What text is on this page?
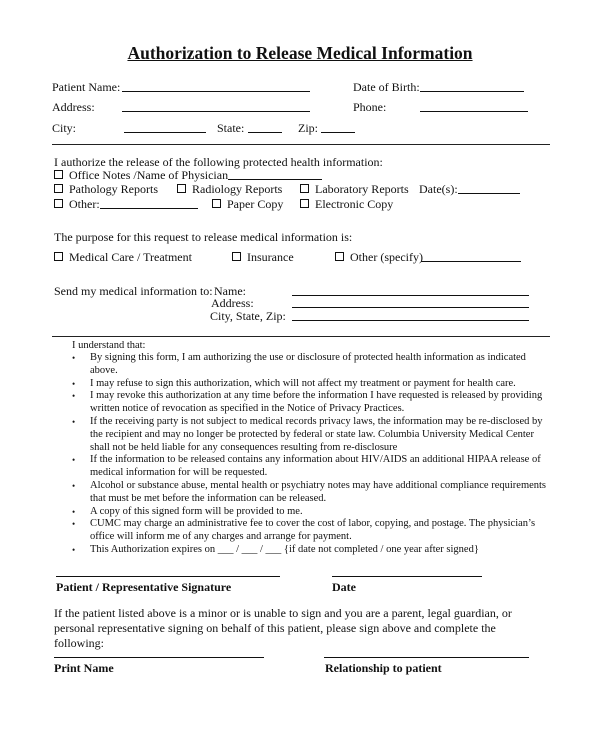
Authorization to Release Medical Information
Patient Name:	Date of Birth:
Address:	Phone:
City:	State:	Zip:
I authorize the release of the following protected health information:
Office Notes /Name of Physician
Pathology Reports	Radiology Reports	Laboratory Reports Date(s):
Other:	Paper Copy	Electronic Copy
The purpose for this request to release medical information is:
Medical Care / Treatment	Insurance	Other (specify)
Send my medical information to: Name:
Address:
City, State, Zip:
I understand that:
• By signing this form, I am authorizing the use or disclosure of protected health information as indicated above.
• I may refuse to sign this authorization, which will not affect my treatment or payment for health care.
• I may revoke this authorization at any time before the information I have requested is released by providing written notice of revocation as specified in the Notice of Privacy Practices.
• If the receiving party is not subject to medical records privacy laws, the information may be re-disclosed by the recipient and may no longer be protected by federal or state law. Columbia University Medical Center shall not be held liable for any consequences resulting from re-disclosure
• If the information to be released contains any information about HIV/AIDS an additional HIPAA release of medical information for will be requested.
• Alcohol or substance abuse, mental health or psychiatry notes may have additional compliance requirements that must be met before the information can be released.
• A copy of this signed form will be provided to me.
• CUMC may charge an administrative fee to cover the cost of labor, copying, and postage. The physician’s office will inform me of any charges and arrange for payment.
• This Authorization expires on ___ / ___ / ___ {if date not completed / one year after signed}
Patient / Representative Signature	Date
If the patient listed above is a minor or is unable to sign and you are a parent, legal guardian, or personal representative signing on behalf of this patient, please sign above and complete the following:
Print Name	Relationship to patient
